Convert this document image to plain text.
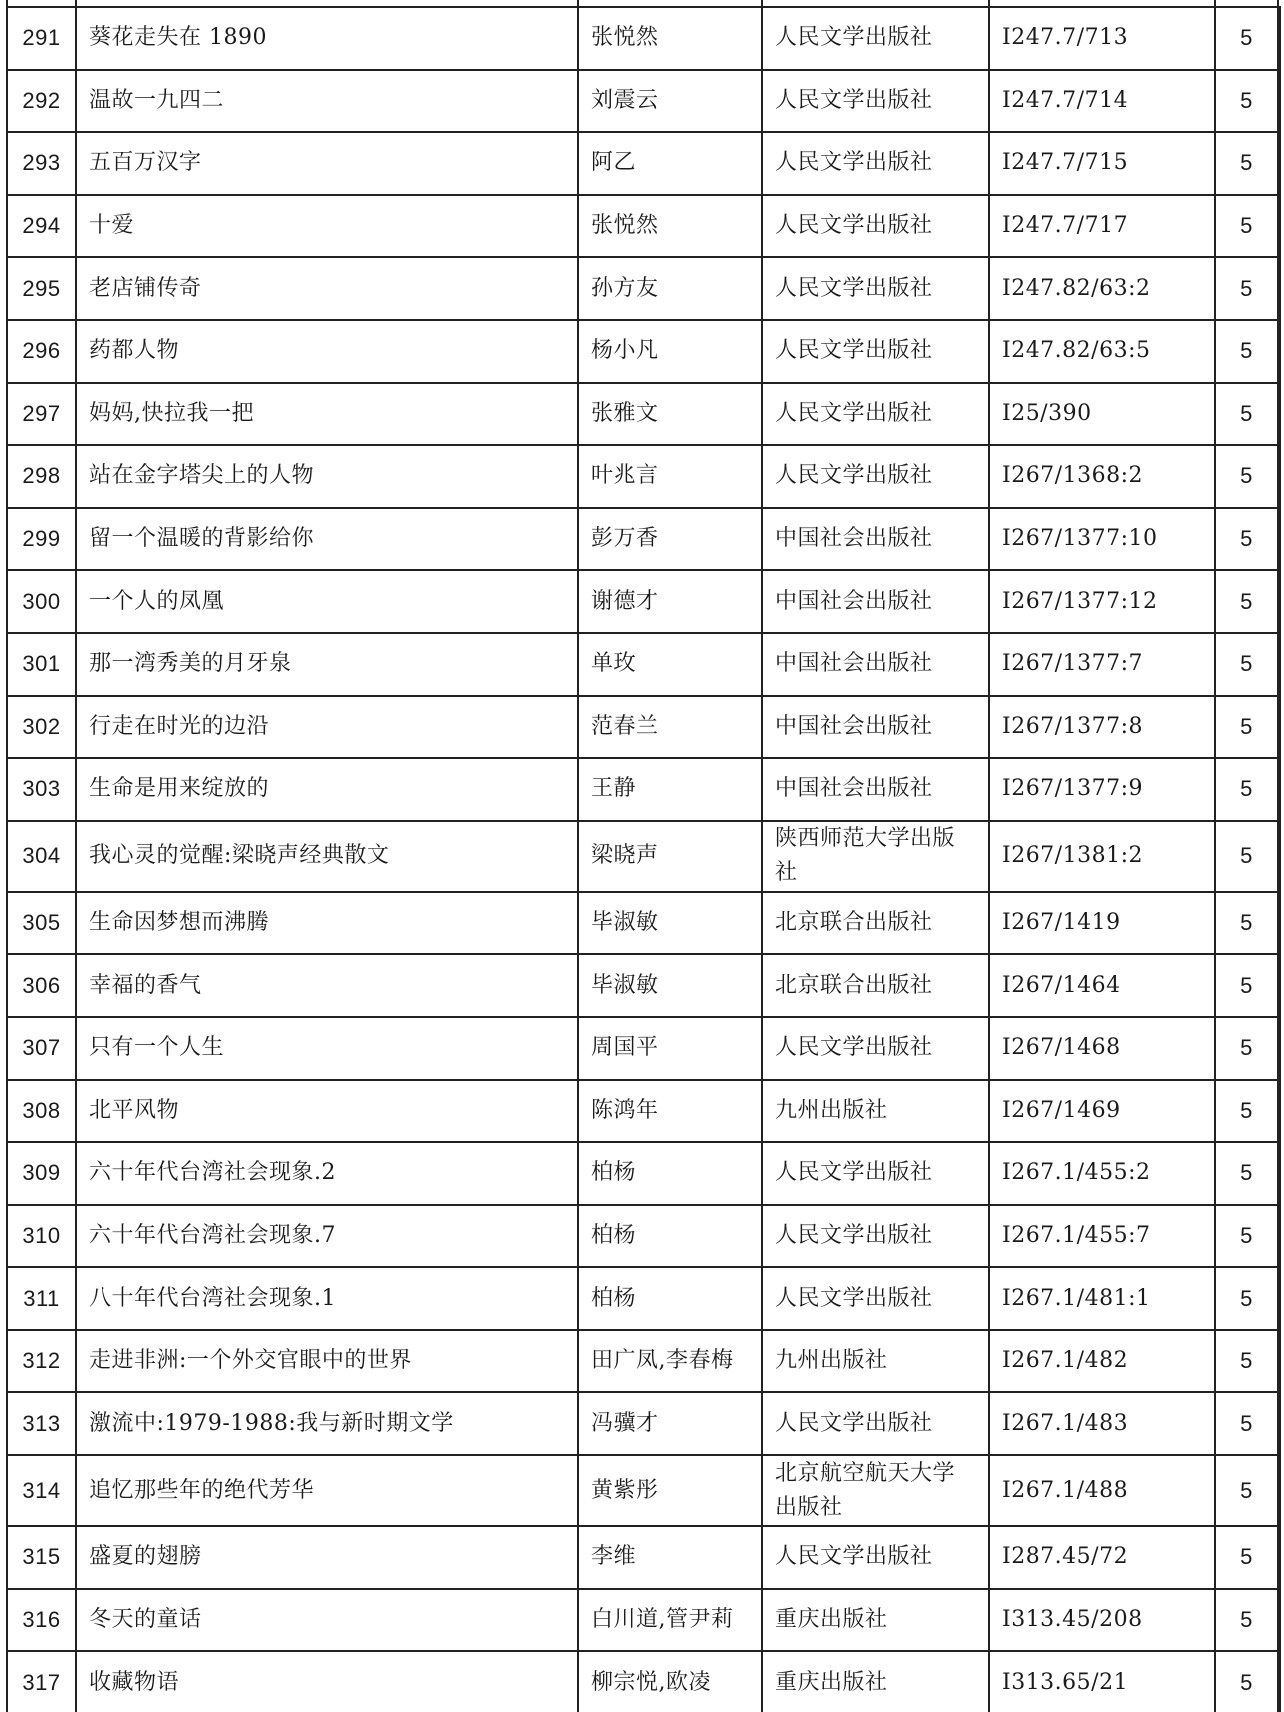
291	葵花走失在 1890	张悦然	人民文学出版社	I247.7/713	5	
292	温故一九四二	刘震云	人民文学出版社	I247.7/714	5	
293	五百万汉字	阿乙	人民文学出版社	I247.7/715	5	
294	十爱	张悦然	人民文学出版社	I247.7/717	5	
295	老店铺传奇	孙方友	人民文学出版社	I247.82/63:2	5	
296	药都人物	杨小凡	人民文学出版社	I247.82/63:5	5	
297	妈妈,快拉我一把	张雅文	人民文学出版社	I25/390	5	
298	站在金字塔尖上的人物	叶兆言	人民文学出版社	I267/1368:2	5	
299	留一个温暖的背影给你	彭万香	中国社会出版社	I267/1377:10	5	
300	一个人的凤凰	谢德才	中国社会出版社	I267/1377:12	5	
301	那一湾秀美的月牙泉	单玫	中国社会出版社	I267/1377:7	5	
302	行走在时光的边沿	范春兰	中国社会出版社	I267/1377:8	5	
303	生命是用来绽放的	王静	中国社会出版社	I267/1377:9	5	
304	我心灵的觉醒:梁晓声经典散文	梁晓声	陕西师范大学出版社	I267/1381:2	5	
305	生命因梦想而沸腾	毕淑敏	北京联合出版社	I267/1419	5	
306	幸福的香气	毕淑敏	北京联合出版社	I267/1464	5	
307	只有一个人生	周国平	人民文学出版社	I267/1468	5	
308	北平风物	陈鸿年	九州出版社	I267/1469	5	
309	六十年代台湾社会现象.2	柏杨	人民文学出版社	I267.1/455:2	5	
310	六十年代台湾社会现象.7	柏杨	人民文学出版社	I267.1/455:7	5	
311	八十年代台湾社会现象.1	柏杨	人民文学出版社	I267.1/481:1	5	
312	走进非洲:一个外交官眼中的世界	田广凤,李春梅	九州出版社	I267.1/482	5	
313	激流中:1979-1988:我与新时期文学	冯骥才	人民文学出版社	I267.1/483	5	
314	追忆那些年的绝代芳华	黄紫彤	北京航空航天大学出版社	I267.1/488	5	
315	盛夏的翅膀	李维	人民文学出版社	I287.45/72	5	
316	冬天的童话	白川道,管尹莉	重庆出版社	I313.45/208	5	
317	收藏物语	柳宗悦,欧凌	重庆出版社	I313.65/21	5	
